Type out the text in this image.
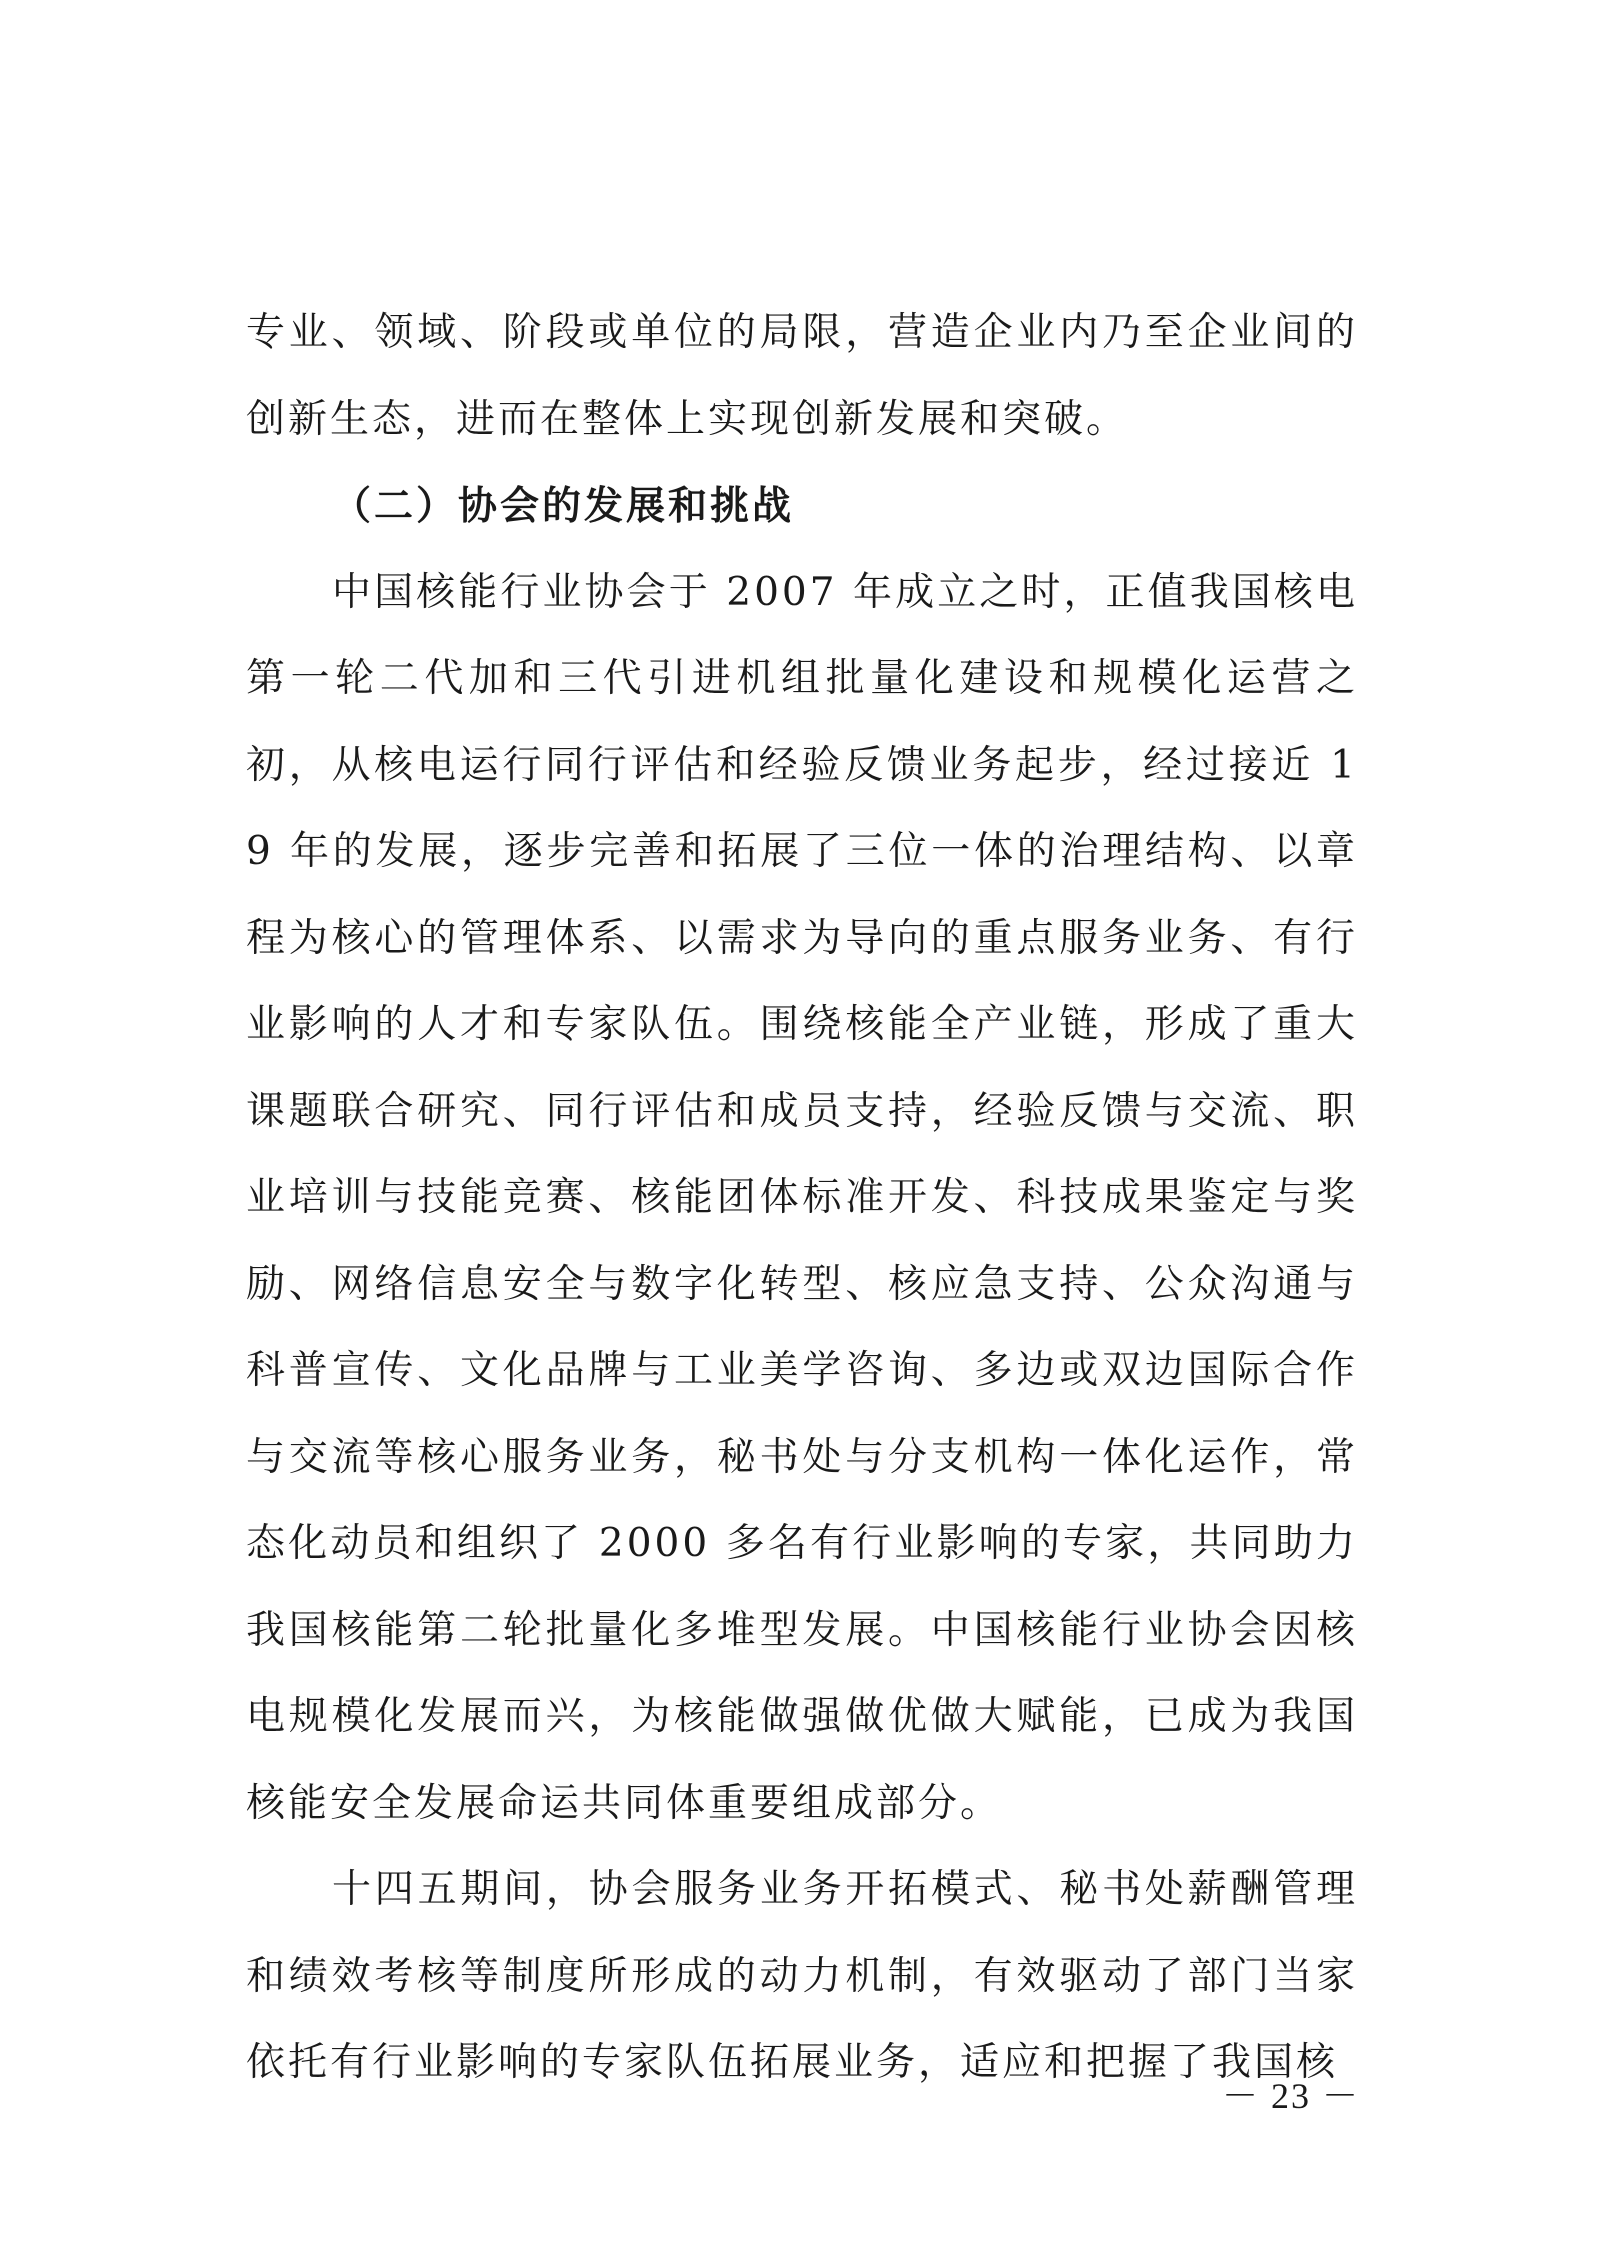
专业、领域、阶段或单位的局限，营造企业内乃至企业间的创新生态，进而在整体上实现创新发展和突破。

（二）协会的发展和挑战

中国核能行业协会于 2007 年成立之时，正值我国核电第一轮二代加和三代引进机组批量化建设和规模化运营之初，从核电运行同行评估和经验反馈业务起步，经过接近 19 年的发展，逐步完善和拓展了三位一体的治理结构、以章程为核心的管理体系、以需求为导向的重点服务业务、有行业影响的人才和专家队伍。围绕核能全产业链，形成了重大课题联合研究、同行评估和成员支持，经验反馈与交流、职业培训与技能竞赛、核能团体标准开发、科技成果鉴定与奖励、网络信息安全与数字化转型、核应急支持、公众沟通与科普宣传、文化品牌与工业美学咨询、多边或双边国际合作与交流等核心服务业务，秘书处与分支机构一体化运作，常态化动员和组织了 2000 多名有行业影响的专家，共同助力我国核能第二轮批量化多堆型发展。中国核能行业协会因核电规模化发展而兴，为核能做强做优做大赋能，已成为我国核能安全发展命运共同体重要组成部分。

十四五期间，协会服务业务开拓模式、秘书处薪酬管理和绩效考核等制度所形成的动力机制，有效驱动了部门当家依托有行业影响的专家队伍拓展业务，适应和把握了我国核

－ 23 －
